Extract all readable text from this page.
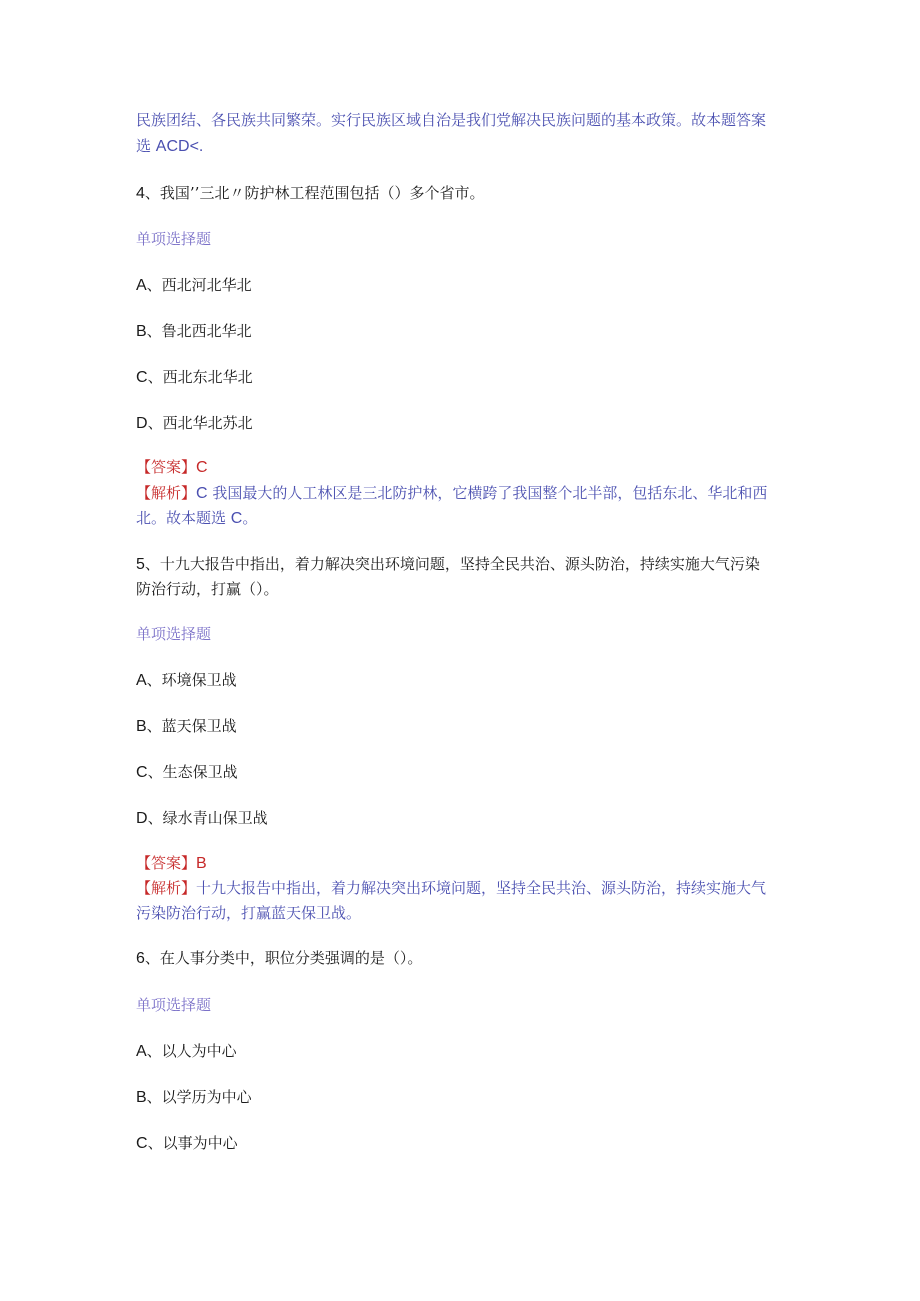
民族团结、各民族共同繁荣。实行民族区域自治是我们党解决民族问题的基本政策。故本题答案
选 ACD<.
4、我国’’三北〃防护林工程范围包括（）多个省市。
单项选择题
A、西北河北华北
B、鲁北西北华北
C、西北东北华北
D、西北华北苏北
【答案】C
【解析】C 我国最大的人工林区是三北防护林，它横跨了我国整个北半部，包括东北、华北和西
北。故本题选 C。
5、十九大报告中指出，着力解决突出环境问题，坚持全民共治、源头防治，持续实施大气污染
防治行动，打赢（）。
单项选择题
A、环境保卫战
B、蓝天保卫战
C、生态保卫战
D、绿水青山保卫战
【答案】B
【解析】十九大报告中指出，着力解决突出环境问题，坚持全民共治、源头防治，持续实施大气
污染防治行动，打赢蓝天保卫战。
6、在人事分类中，职位分类强调的是（）。
单项选择题
A、以人为中心
B、以学历为中心
C、以事为中心
